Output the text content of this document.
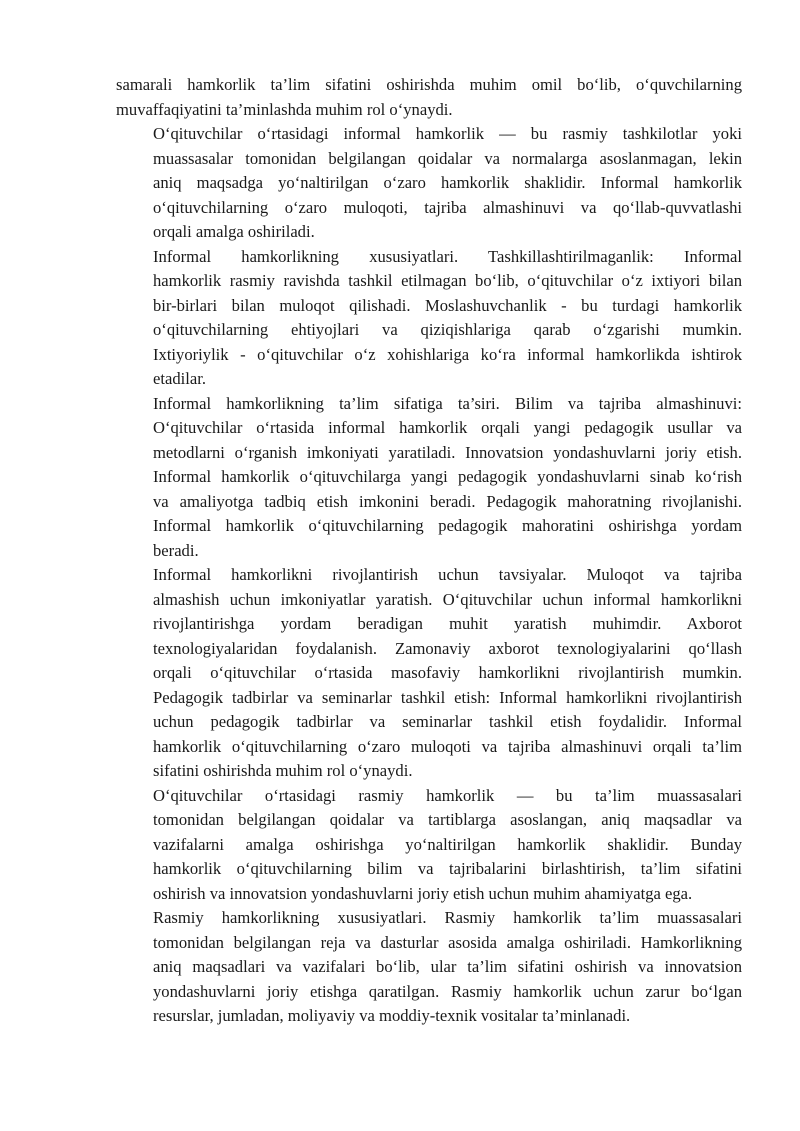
samarali hamkorlik ta’lim sifatini oshirishda muhim omil bo‘lib, o‘quvchilarning
muvaffaqiyatini ta’minlashda muhim rol o‘ynaydi.

O‘qituvchilar o‘rtasidagi informal hamkorlik — bu rasmiy tashkilotlar yoki
muassasalar tomonidan belgilangan qoidalar va normalarga asoslanmagan, lekin
aniq maqsadga yo‘naltirilgan o‘zaro hamkorlik shaklidir. Informal hamkorlik
o‘qituvchilarning o‘zaro muloqoti, tajriba almashinuvi va qo‘llab-quvvatlashi
orqali amalga oshiriladi.

Informal hamkorlikning xususiyatlari. Tashkillashtirilmaganlik: Informal
hamkorlik rasmiy ravishda tashkil etilmagan bo‘lib, o‘qituvchilar o‘z ixtiyori bilan
bir-birlari bilan muloqot qilishadi. Moslashuvchanlik - bu turdagi hamkorlik
o‘qituvchilarning ehtiyojlari va qiziqishlariga qarab o‘zgarishi mumkin.
Ixtiyoriylik - o‘qituvchilar o‘z xohishlariga ko‘ra informal hamkorlikda ishtirok
etadilar.

Informal hamkorlikning ta’lim sifatiga ta’siri. Bilim va tajriba almashinuvi:
O‘qituvchilar o‘rtasida informal hamkorlik orqali yangi pedagogik usullar va
metodlarni o‘rganish imkoniyati yaratiladi. Innovatsion yondashuvlarni joriy etish.
Informal hamkorlik o‘qituvchilarga yangi pedagogik yondashuvlarni sinab ko‘rish
va amaliyotga tadbiq etish imkonini beradi. Pedagogik mahoratning rivojlanishi.
Informal hamkorlik o‘qituvchilarning pedagogik mahoratini oshirishga yordam
beradi.

Informal hamkorlikni rivojlantirish uchun tavsiyalar. Muloqot va tajriba
almashish uchun imkoniyatlar yaratish. O‘qituvchilar uchun informal hamkorlikni
rivojlantirishga yordam beradigan muhit yaratish muhimdir. Axborot
texnologiyalaridan foydalanish. Zamonaviy axborot texnologiyalarini qo‘llash
orqali o‘qituvchilar o‘rtasida masofaviy hamkorlikni rivojlantirish mumkin.
Pedagogik tadbirlar va seminarlar tashkil etish: Informal hamkorlikni rivojlantirish
uchun pedagogik tadbirlar va seminarlar tashkil etish foydalidir. Informal
hamkorlik o‘qituvchilarning o‘zaro muloqoti va tajriba almashinuvi orqali ta’lim
sifatini oshirishda muhim rol o‘ynaydi.

O‘qituvchilar o‘rtasidagi rasmiy hamkorlik — bu ta’lim muassasalari
tomonidan belgilangan qoidalar va tartiblarga asoslangan, aniq maqsadlar va
vazifalarni amalga oshirishga yo‘naltirilgan hamkorlik shaklidir. Bunday
hamkorlik o‘qituvchilarning bilim va tajribalarini birlashtirish, ta’lim sifatini
oshirish va innovatsion yondashuvlarni joriy etish uchun muhim ahamiyatga ega.

Rasmiy hamkorlikning xususiyatlari. Rasmiy hamkorlik ta’lim muassasalari
tomonidan belgilangan reja va dasturlar asosida amalga oshiriladi. Hamkorlikning
aniq maqsadlari va vazifalari bo‘lib, ular ta’lim sifatini oshirish va innovatsion
yondashuvlarni joriy etishga qaratilgan. Rasmiy hamkorlik uchun zarur bo‘lgan
resurslar, jumladan, moliyaviy va moddiy-texnik vositalar ta’minlanadi.
